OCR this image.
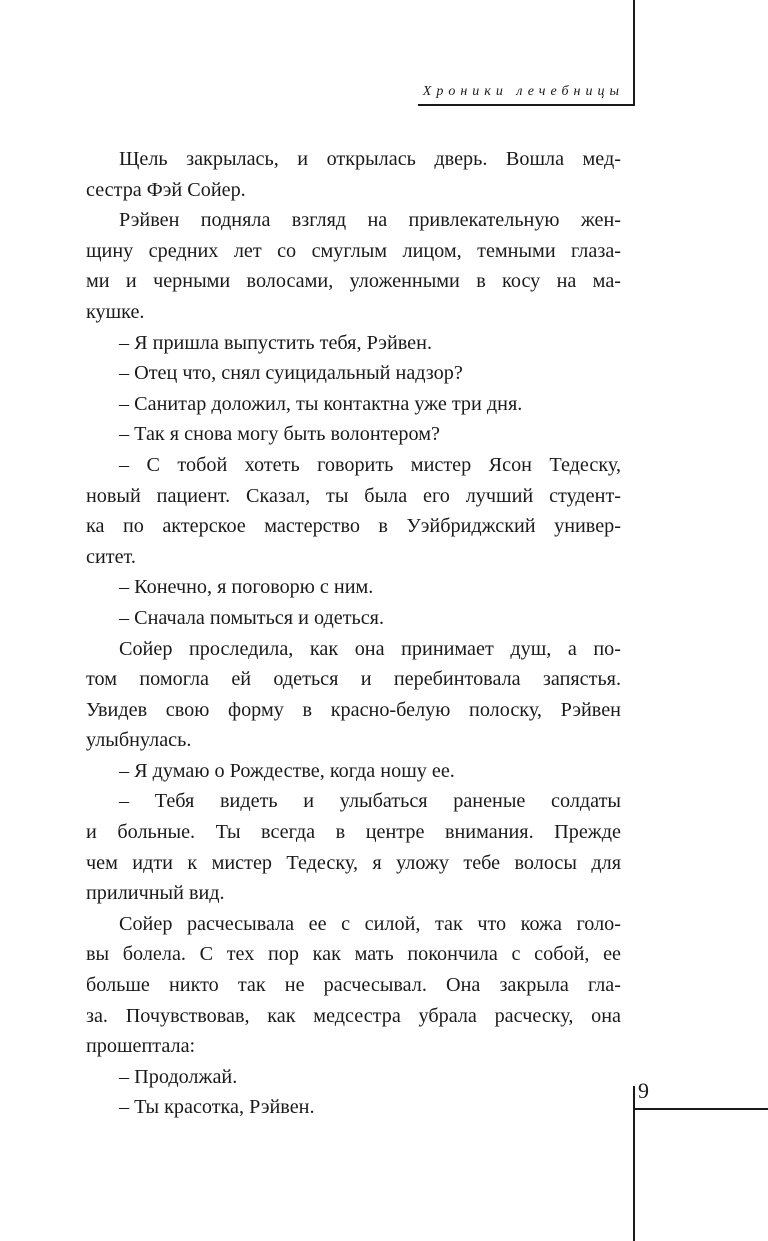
Хроники лечебницы
Щель закрылась, и открылась дверь. Вошла мед-
сестра Фэй Сойер.
Рэйвен подняла взгляд на привлекательную жен-
щину средних лет со смуглым лицом, темными глаза-
ми и черными волосами, уложенными в косу на ма-
кушке.
– Я пришла выпустить тебя, Рэйвен.
– Отец что, снял суицидальный надзор?
– Санитар доложил, ты контактна уже три дня.
– Так я снова могу быть волонтером?
– С тобой хотеть говорить мистер Ясон Тедеску,
новый пациент. Сказал, ты была его лучший студент-
ка по актерское мастерство в Уэйбриджский универ-
ситет.
– Конечно, я поговорю с ним.
– Сначала помыться и одеться.
Сойер проследила, как она принимает душ, а по-
том помогла ей одеться и перебинтовала запястья.
Увидев свою форму в красно-белую полоску, Рэйвен
улыбнулась.
– Я думаю о Рождестве, когда ношу ее.
– Тебя видеть и улыбаться раненые солдаты
и больные. Ты всегда в центре внимания. Прежде
чем идти к мистер Тедеску, я уложу тебе волосы для
приличный вид.
Сойер расчесывала ее с силой, так что кожа голо-
вы болела. С тех пор как мать покончила с собой, ее
больше никто так не расчесывал. Она закрыла гла-
за. Почувствовав, как медсестра убрала расческу, она
прошептала:
– Продолжай.
– Ты красотка, Рэйвен.
9
